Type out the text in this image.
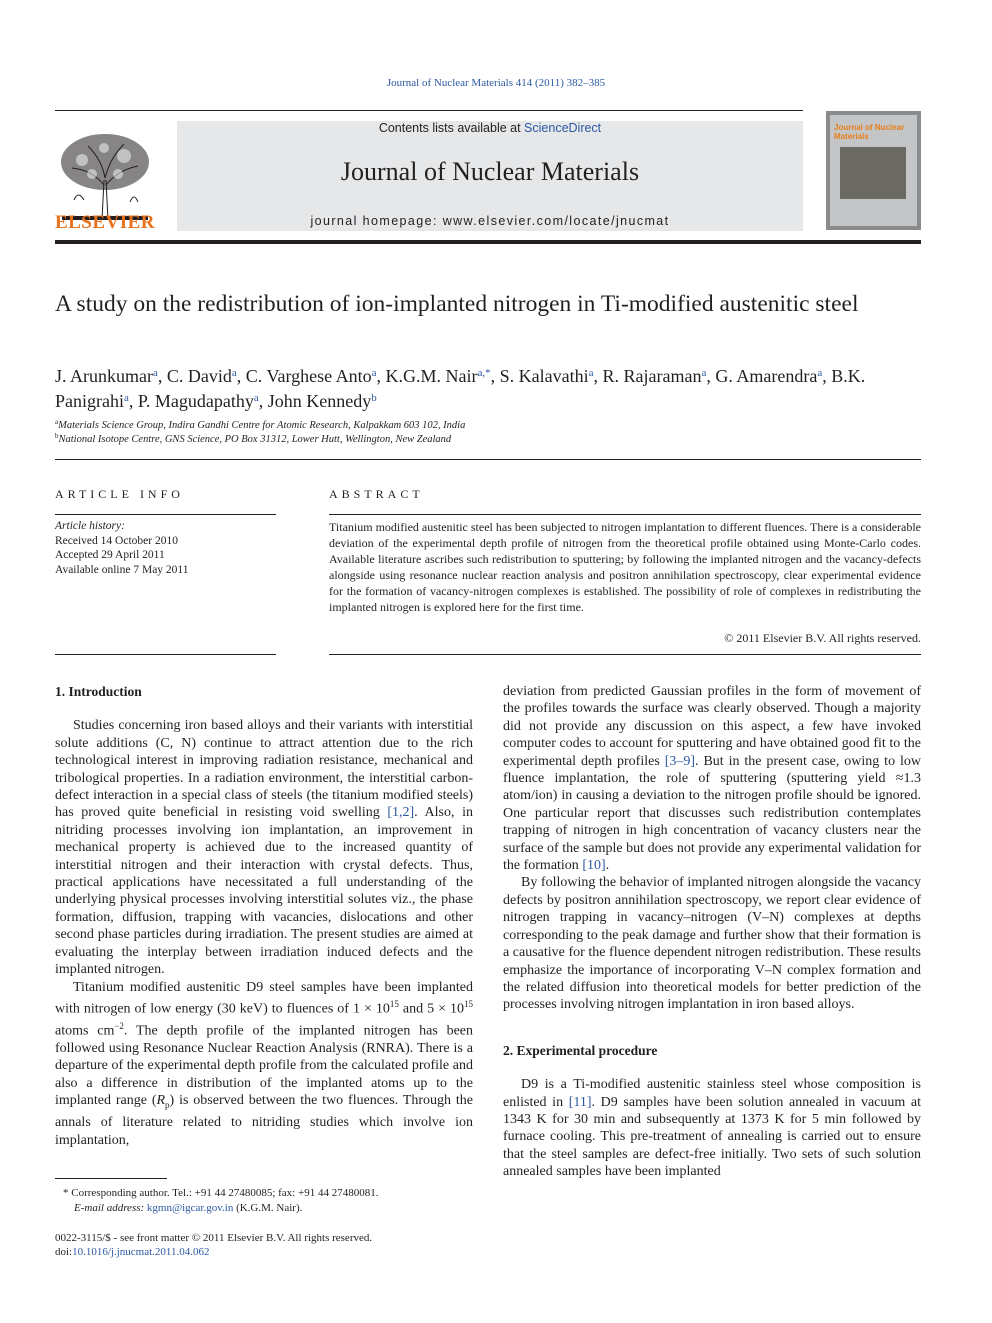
Journal of Nuclear Materials 414 (2011) 382–385
ELSEVIER
Contents lists available at ScienceDirect
Journal of Nuclear Materials
journal homepage: www.elsevier.com/locate/jnucmat
Journal of Nuclear Materials
A study on the redistribution of ion-implanted nitrogen in Ti-modified austenitic steel
J. Arunkumar$^a$, C. David$^a$, C. Varghese Anto$^a$, K.G.M. Nair$^{a,*}$, S. Kalavathi$^a$, R. Rajaraman$^a$, G. Amarendra$^a$, B.K. Panigrahi$^a$, P. Magudapathy$^a$, John Kennedy$^b$
$^a$Materials Science Group, Indira Gandhi Centre for Atomic Research, Kalpakkam 603 102, India
$^b$National Isotope Centre, GNS Science, PO Box 31312, Lower Hutt, Wellington, New Zealand
ARTICLE INFO	ABSTRACT
Article history:
Received 14 October 2010
Accepted 29 April 2011
Available online 7 May 2011
Titanium modified austenitic steel has been subjected to nitrogen implantation to different fluences. There is a considerable deviation of the experimental depth profile of nitrogen from the theoretical profile obtained using Monte-Carlo codes. Available literature ascribes such redistribution to sputtering; by following the implanted nitrogen and the vacancy-defects alongside using resonance nuclear reaction analysis and positron annihilation spectroscopy, clear experimental evidence for the formation of vacancy-nitrogen complexes is established. The possibility of role of complexes in redistributing the implanted nitrogen is explored here for the first time.
© 2011 Elsevier B.V. All rights reserved.
1. Introduction

Studies concerning iron based alloys and their variants with interstitial solute additions (C, N) continue to attract attention due to the rich technological interest in improving radiation resistance, mechanical and tribological properties. In a radiation environment, the interstitial carbon-defect interaction in a special class of steels (the titanium modified steels) has proved quite beneficial in resisting void swelling [1,2]. Also, in nitriding processes involving ion implantation, an improvement in mechanical property is achieved due to the increased quantity of interstitial nitrogen and their interaction with crystal defects. Thus, practical applications have necessitated a full understanding of the underlying physical processes involving interstitial solutes viz., the phase formation, diffusion, trapping with vacancies, dislocations and other second phase particles during irradiation. The present studies are aimed at evaluating the interplay between irradiation induced defects and the implanted nitrogen.

Titanium modified austenitic D9 steel samples have been implanted with nitrogen of low energy (30 keV) to fluences of $1 \times 10^{15}$ and $5 \times 10^{15}$ atoms $cm^{-2}$. The depth profile of the implanted nitrogen has been followed using Resonance Nuclear Reaction Analysis (RNRA). There is a departure of the experimental depth profile from the calculated profile and also a difference in distribution of the implanted atoms up to the implanted range $(R_p)$ is observed between the two fluences. Through the annals of literature related to nitriding studies which involve ion implantation,

deviation from predicted Gaussian profiles in the form of movement of the profiles towards the surface was clearly observed. Though a majority did not provide any discussion on this aspect, a few have invoked computer codes to account for sputtering and have obtained good fit to the experimental depth profiles [3–9]. But in the present case, owing to low fluence implantation, the role of sputtering (sputtering yield ≈1.3 atom/ion) in causing a deviation to the nitrogen profile should be ignored. One particular report that discusses such redistribution contemplates trapping of nitrogen in high concentration of vacancy clusters near the surface of the sample but does not provide any experimental validation for the formation [10].

By following the behavior of implanted nitrogen alongside the vacancy defects by positron annihilation spectroscopy, we report clear evidence of nitrogen trapping in vacancy–nitrogen (V–N) complexes at depths corresponding to the peak damage and further show that their formation is a causative for the fluence dependent nitrogen redistribution. These results emphasize the importance of incorporating V–N complex formation and the related diffusion into theoretical models for better prediction of the processes involving nitrogen implantation in iron based alloys.

2. Experimental procedure

D9 is a Ti-modified austenitic stainless steel whose composition is enlisted in [11]. D9 samples have been solution annealed in vacuum at 1343 K for 30 min and subsequently at 1373 K for 5 min followed by furnace cooling. This pre-treatment of annealing is carried out to ensure that the steel samples are defect-free initially. Two sets of such solution annealed samples have been implanted

* Corresponding author. Tel.: +91 44 27480085; fax: +91 44 27480081.
E-mail address: kgmn@igcar.gov.in (K.G.M. Nair).
0022-3115/$ - see front matter © 2011 Elsevier B.V. All rights reserved.
doi:10.1016/j.jnucmat.2011.04.062
